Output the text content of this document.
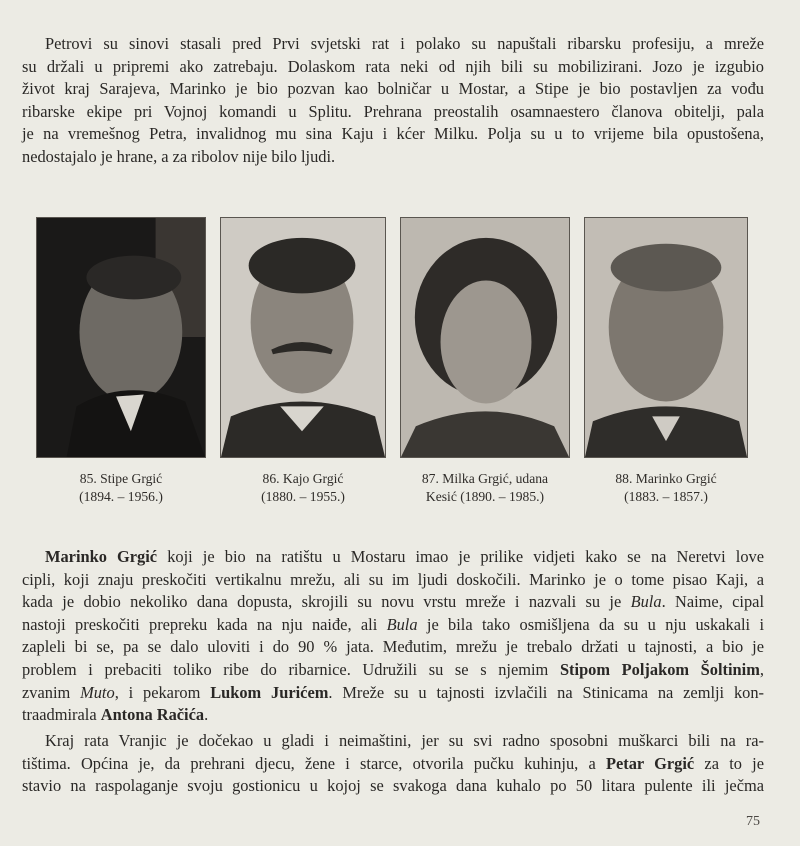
Petrovi su sinovi stasali pred Prvi svjetski rat i polako su napuštali ribarsku profesiju, a mreže
su držali u pripremi ako zatrebaju. Dolaskom rata neki od njih bili su mobilizirani. Jozo je izgubio
život kraj Sarajeva, Marinko je bio pozvan kao bolničar u Mostar, a Stipe je bio postavljen za vođu
ribarske ekipe pri Vojnoj komandi u Splitu. Prehrana preostalih osamnaestero članova obitelji, pala
je na vremešnog Petra, invalidnog mu sina Kaju i kćer Milku. Polja su u to vrijeme bila opustošena,
nedostajalo je hrane, a za ribolov nije bilo ljudi.
85. Stipe Grgić
(1894. – 1956.)
86. Kajo Grgić
(1880. – 1955.)
87. Milka Grgić, udana
Kesić (1890. – 1985.)
88. Marinko Grgić
(1883. – 1857.)
Marinko Grgić koji je bio na ratištu u Mostaru imao je prilike vidjeti kako se na Neretvi love
cipli, koji znaju preskočiti vertikalnu mrežu, ali su im ljudi doskočili. Marinko je o tome pisao Kaji, a
kada je dobio nekoliko dana dopusta, skrojili su novu vrstu mreže i nazvali su je Bula. Naime, cipal
nastoji preskočiti prepreku kada na nju naiđe, ali Bula je bila tako osmišljena da su u nju uskakali i
zapleli bi se, pa se dalo uloviti i do 90 % jata. Međutim, mrežu je trebalo držati u tajnosti, a bio je
problem i prebaciti toliko ribe do ribarnice. Udružili su se s njemim Stipom Poljakom Šoltinim,
zvanim Muto, i pekarom Lukom Jurićem. Mreže su u tajnosti izvlačili na Stinicama na zemlji kon-
traadmirala Antona Račića.
Kraj rata Vranjic je dočekao u gladi i neimaštini, jer su svi radno sposobni muškarci bili na ra-
tištima. Općina je, da prehrani djecu, žene i starce, otvorila pučku kuhinju, a Petar Grgić za to je
stavio na raspolaganje svoju gostionicu u kojoj se svakoga dana kuhalo po 50 litara pulente ili ječma
75
